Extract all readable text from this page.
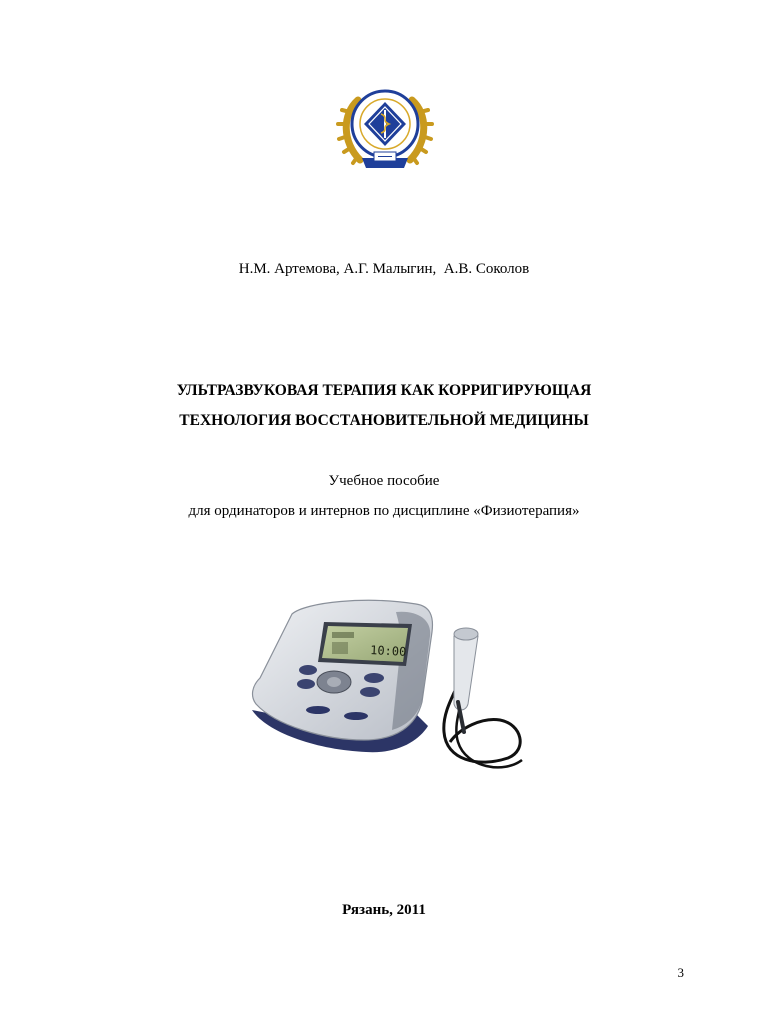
Н.М. Артемова, А.Г. Малыгин,  А.В. Соколов
УЛЬТРАЗВУКОВАЯ ТЕРАПИЯ КАК КОРРИГИРУЮЩАЯ
ТЕХНОЛОГИЯ ВОССТАНОВИТЕЛЬНОЙ МЕДИЦИНЫ
Учебное пособие
для ординаторов и интернов по дисциплине «Физиотерапия»
10:00
Рязань, 2011
3
